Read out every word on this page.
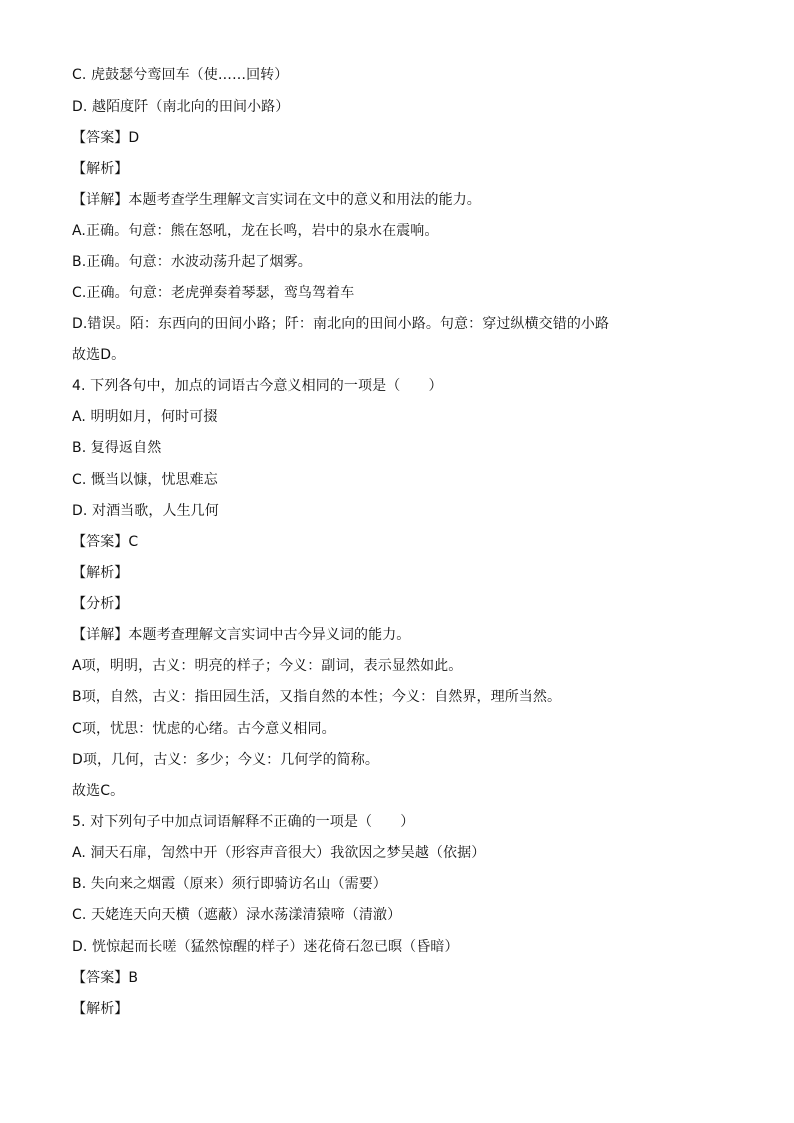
C. 虎鼓瑟兮鸾回车（使……回转）
D. 越陌度阡（南北向的田间小路）
【答案】D
【解析】
【详解】本题考查学生理解文言实词在文中的意义和用法的能力。
A.正确。句意：熊在怒吼，龙在长鸣，岩中的泉水在震响。
B.正确。句意：水波动荡升起了烟雾。
C.正确。句意：老虎弹奏着琴瑟，鸾鸟驾着车
D.错误。陌：东西向的田间小路；阡：南北向的田间小路。句意：穿过纵横交错的小路
故选D。
4. 下列各句中，加点的词语古今意义相同的一项是（　　）
A. 明明如月，何时可掇
B. 复得返自然
C. 慨当以慷，忧思难忘
D. 对酒当歌，人生几何
【答案】C
【解析】
【分析】
【详解】本题考查理解文言实词中古今异义词的能力。
A项，明明，古义：明亮的样子；今义：副词，表示显然如此。
B项，自然，古义：指田园生活，又指自然的本性；今义：自然界，理所当然。
C项，忧思：忧虑的心绪。古今意义相同。
D项，几何，古义：多少；今义：几何学的简称。
故选C。
5. 对下列句子中加点词语解释不正确的一项是（　　）
A. 洞天石扉，訇然中开（形容声音很大）我欲因之梦吴越（依据）
B. 失向来之烟霞（原来）须行即骑访名山（需要）
C. 天姥连天向天横（遮蔽）渌水荡漾清猿啼（清澈）
D. 恍惊起而长嗟（猛然惊醒的样子）迷花倚石忽已暝（昏暗）
【答案】B
【解析】
